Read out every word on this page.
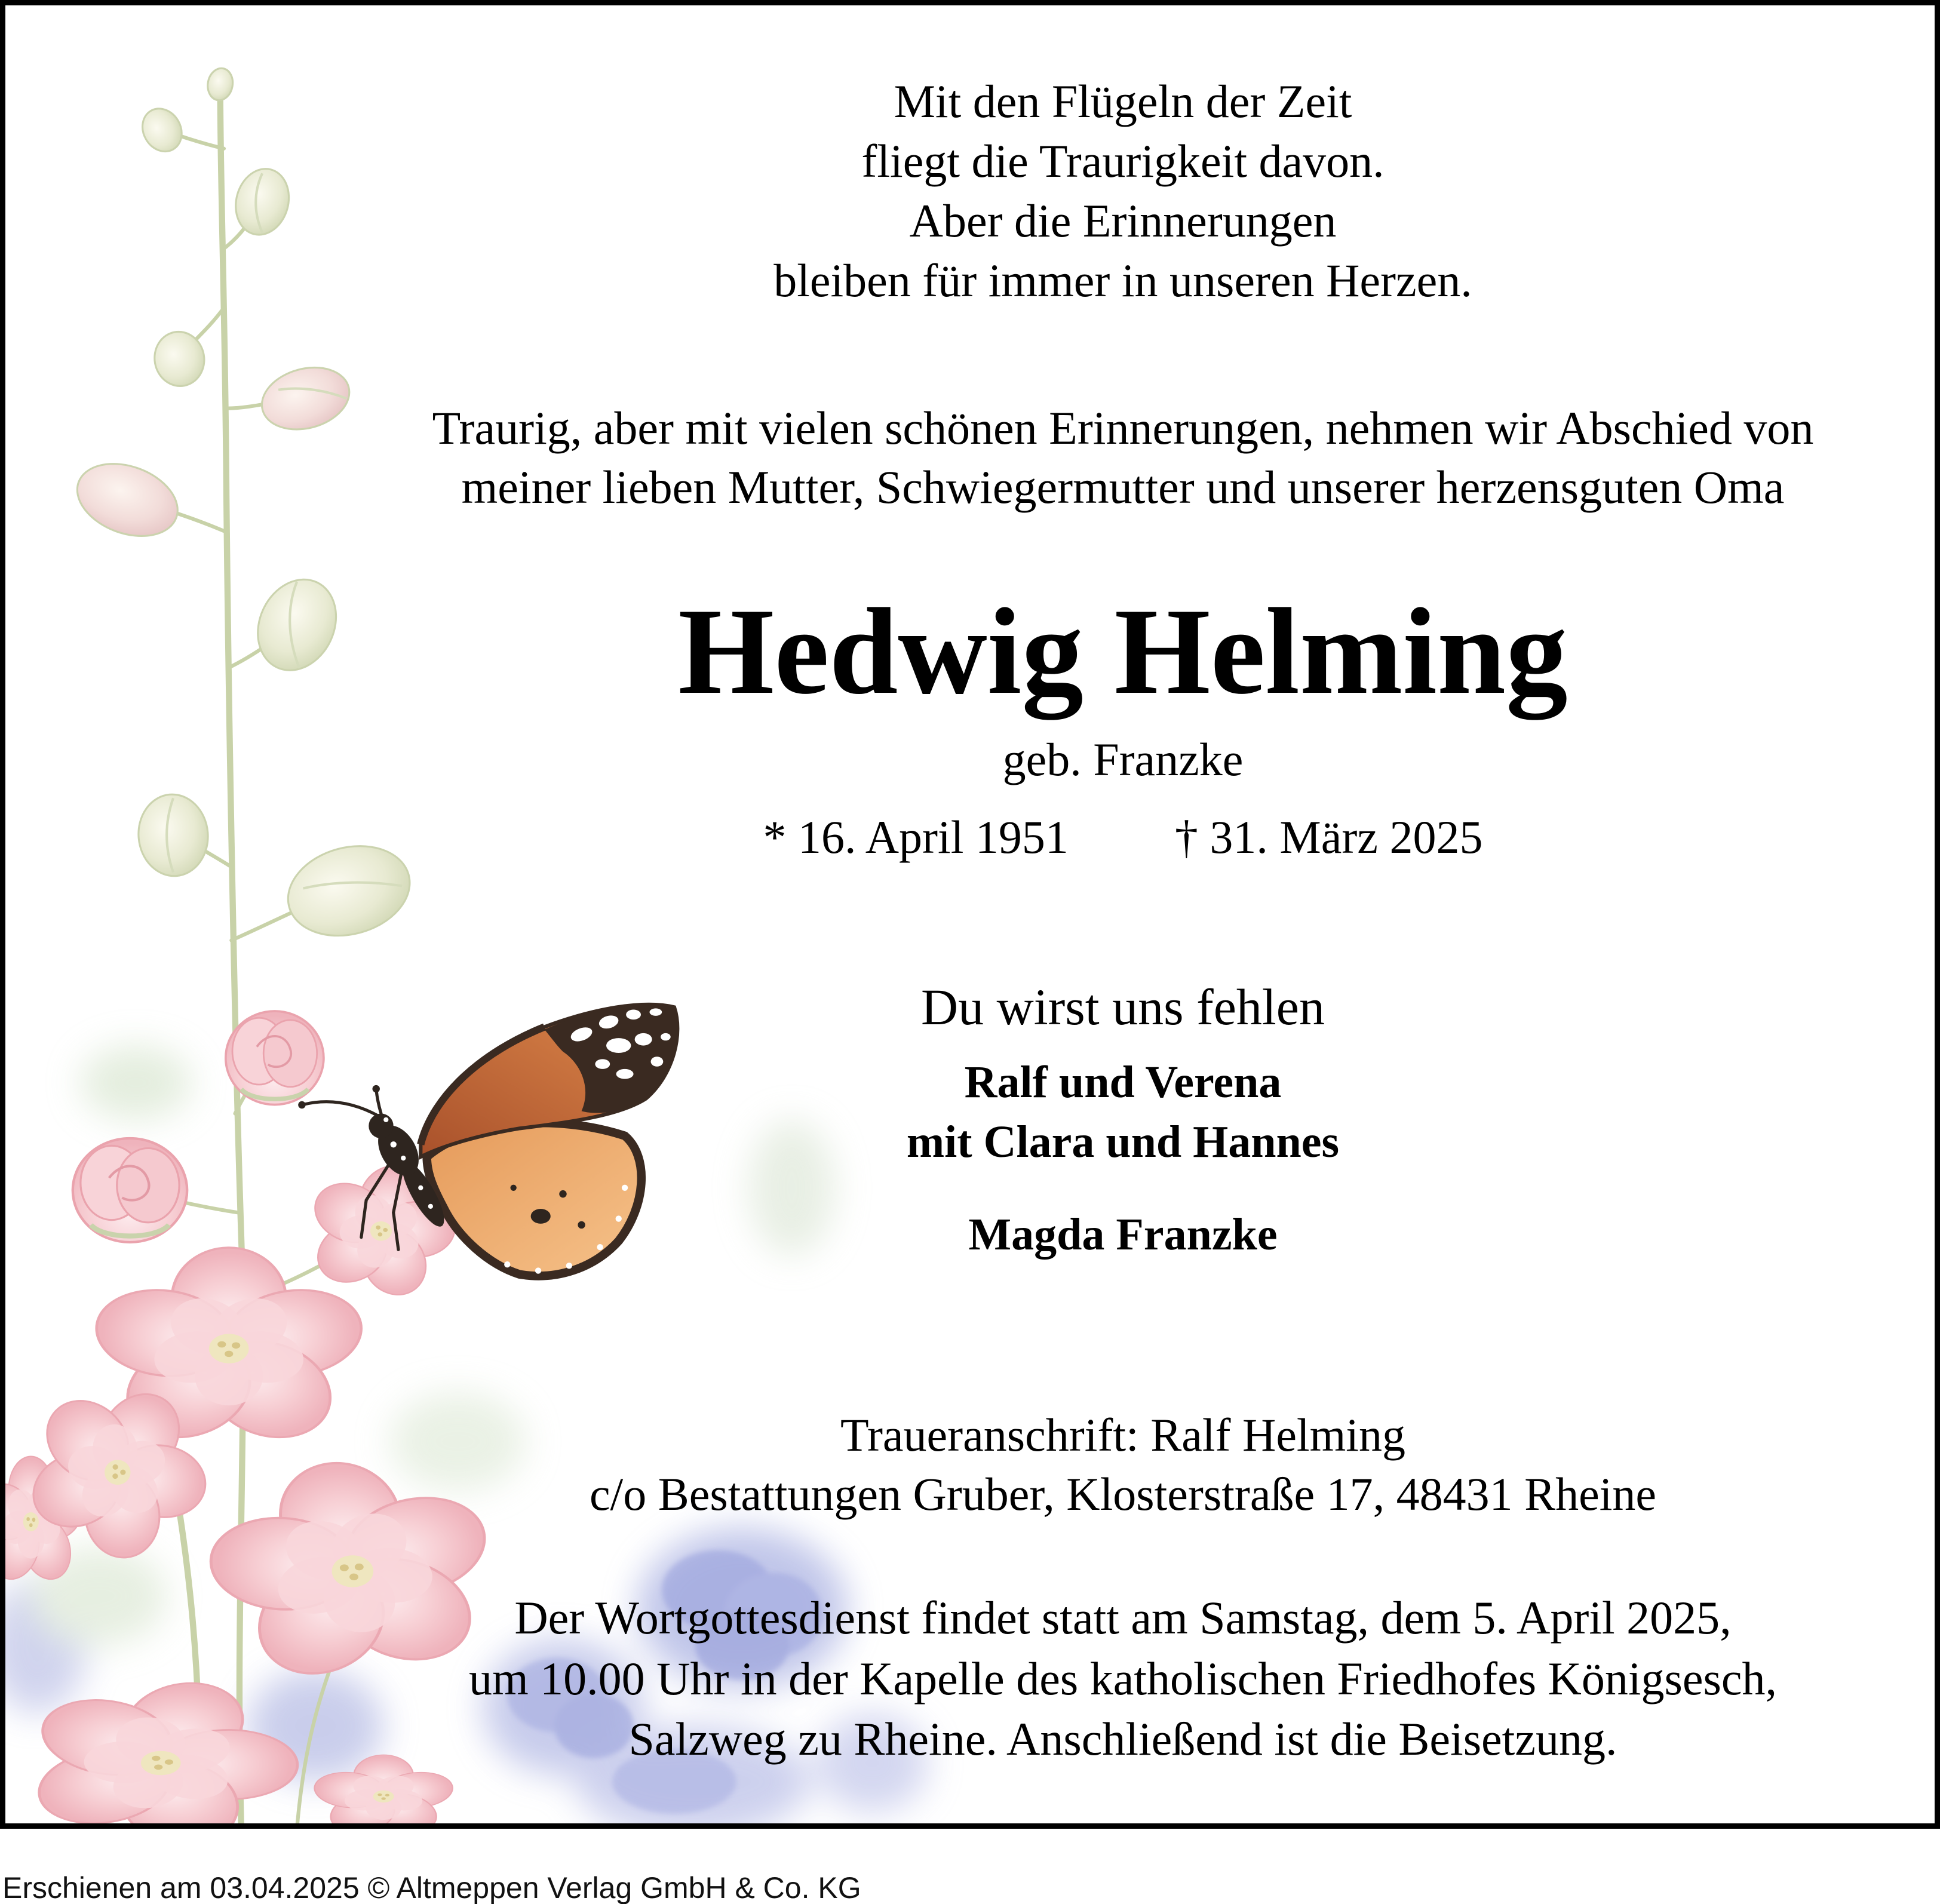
Mit den Flügeln der Zeit
fliegt die Traurigkeit davon.
Aber die Erinnerungen
bleiben für immer in unseren Herzen.
Traurig, aber mit vielen schönen Erinnerungen, nehmen wir Abschied von
meiner lieben Mutter, Schwiegermutter und unserer herzensguten Oma
Hedwig Helming
geb. Franzke
* 16. April 1951 † 31. März 2025
Du wirst uns fehlen
Ralf und Verena
mit Clara und Hannes
Magda Franzke
Traueranschrift: Ralf Helming
c/o Bestattungen Gruber, Klosterstraße 17, 48431 Rheine
Der Wortgottesdienst findet statt am Samstag, dem 5. April 2025,
um 10.00 Uhr in der Kapelle des katholischen Friedhofes Königsesch,
Salzweg zu Rheine. Anschließend ist die Beisetzung.
Erschienen am 03.04.2025 © Altmeppen Verlag GmbH & Co. KG
